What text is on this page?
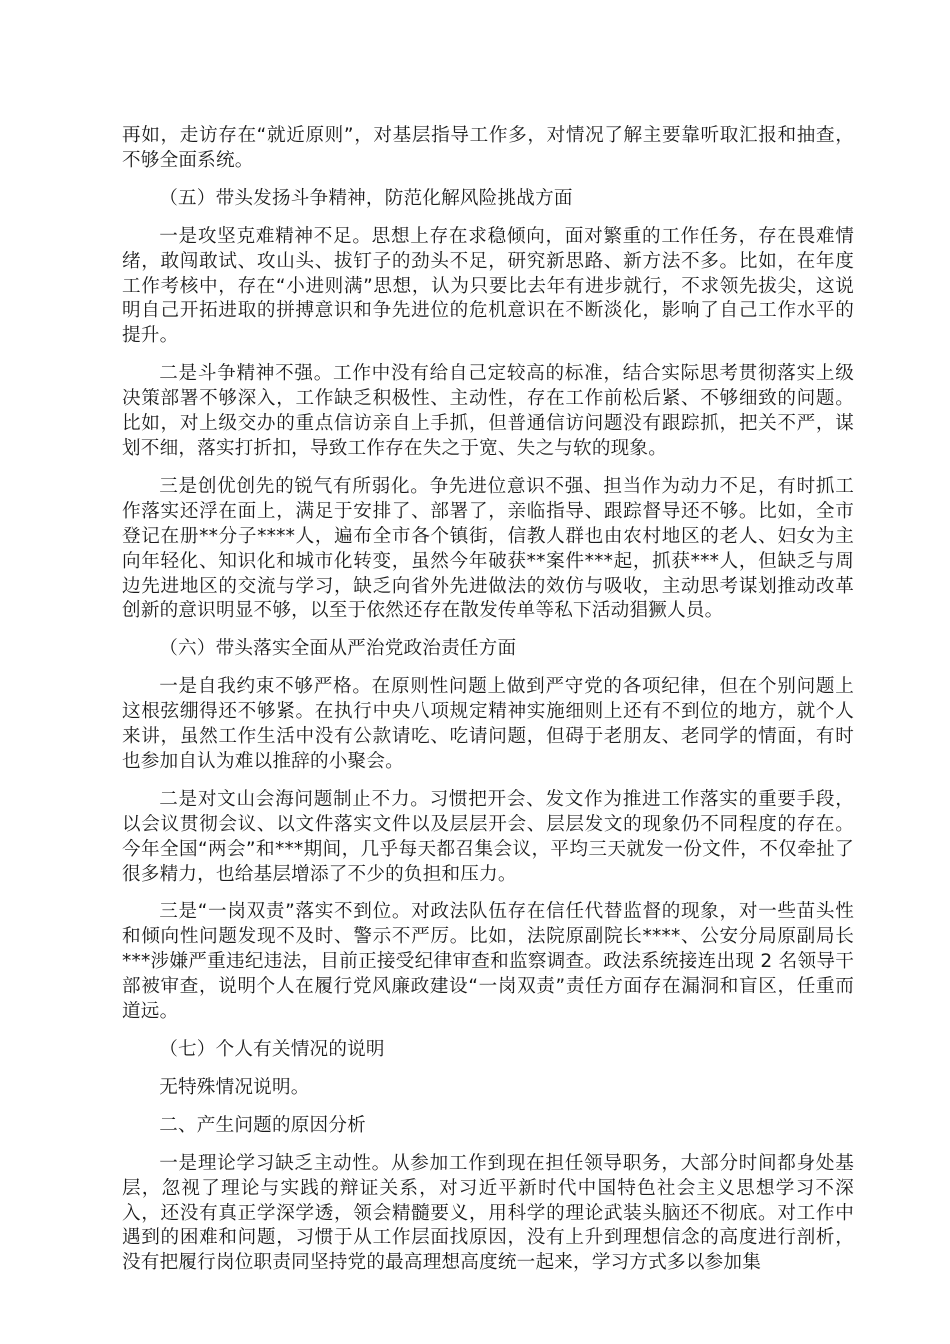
再如，走访存在“就近原则”，对基层指导工作多，对情况了解主要靠听取汇报和抽查，不够全面系统。

（五）带头发扬斗争精神，防范化解风险挑战方面

一是攻坚克难精神不足。思想上存在求稳倾向，面对繁重的工作任务，存在畏难情绪，敢闯敢试、攻山头、拔钉子的劲头不足，研究新思路、新方法不多。比如，在年度工作考核中，存在“小进则满”思想，认为只要比去年有进步就行，不求领先拔尖，这说明自己开拓进取的拼搏意识和争先进位的危机意识在不断淡化，影响了自己工作水平的提升。

二是斗争精神不强。工作中没有给自己定较高的标准，结合实际思考贯彻落实上级决策部署不够深入，工作缺乏积极性、主动性，存在工作前松后紧、不够细致的问题。比如，对上级交办的重点信访亲自上手抓，但普通信访问题没有跟踪抓，把关不严，谋划不细，落实打折扣，导致工作存在失之于宽、失之与软的现象。

三是创优创先的锐气有所弱化。争先进位意识不强、担当作为动力不足，有时抓工作落实还浮在面上，满足于安排了、部署了，亲临指导、跟踪督导还不够。比如，全市登记在册**分子****人，遍布全市各个镇街，信教人群也由农村地区的老人、妇女为主向年轻化、知识化和城市化转变，虽然今年破获**案件***起，抓获***人，但缺乏与周边先进地区的交流与学习，缺乏向省外先进做法的效仿与吸收，主动思考谋划推动改革创新的意识明显不够，以至于依然还存在散发传单等私下活动猖獗人员。

（六）带头落实全面从严治党政治责任方面

一是自我约束不够严格。在原则性问题上做到严守党的各项纪律，但在个别问题上这根弦绷得还不够紧。在执行中央八项规定精神实施细则上还有不到位的地方，就个人来讲，虽然工作生活中没有公款请吃、吃请问题，但碍于老朋友、老同学的情面，有时也参加自认为难以推辞的小聚会。

二是对文山会海问题制止不力。习惯把开会、发文作为推进工作落实的重要手段，以会议贯彻会议、以文件落实文件以及层层开会、层层发文的现象仍不同程度的存在。今年全国“两会”和***期间，几乎每天都召集会议，平均三天就发一份文件，不仅牵扯了很多精力，也给基层增添了不少的负担和压力。

三是“一岗双责”落实不到位。对政法队伍存在信任代替监督的现象，对一些苗头性和倾向性问题发现不及时、警示不严厉。比如，法院原副院长****、公安分局原副局长***涉嫌严重违纪违法，目前正接受纪律审查和监察调查。政法系统接连出现 2 名领导干部被审查，说明个人在履行党风廉政建设“一岗双责”责任方面存在漏洞和盲区，任重而道远。

（七）个人有关情况的说明

无特殊情况说明。

二、产生问题的原因分析

一是理论学习缺乏主动性。从参加工作到现在担任领导职务，大部分时间都身处基层，忽视了理论与实践的辩证关系，对习近平新时代中国特色社会主义思想学习不深入，还没有真正学深学透，领会精髓要义，用科学的理论武装头脑还不彻底。对工作中遇到的困难和问题，习惯于从工作层面找原因，没有上升到理想信念的高度进行剖析，没有把履行岗位职责同坚持党的最高理想高度统一起来，学习方式多以参加集
